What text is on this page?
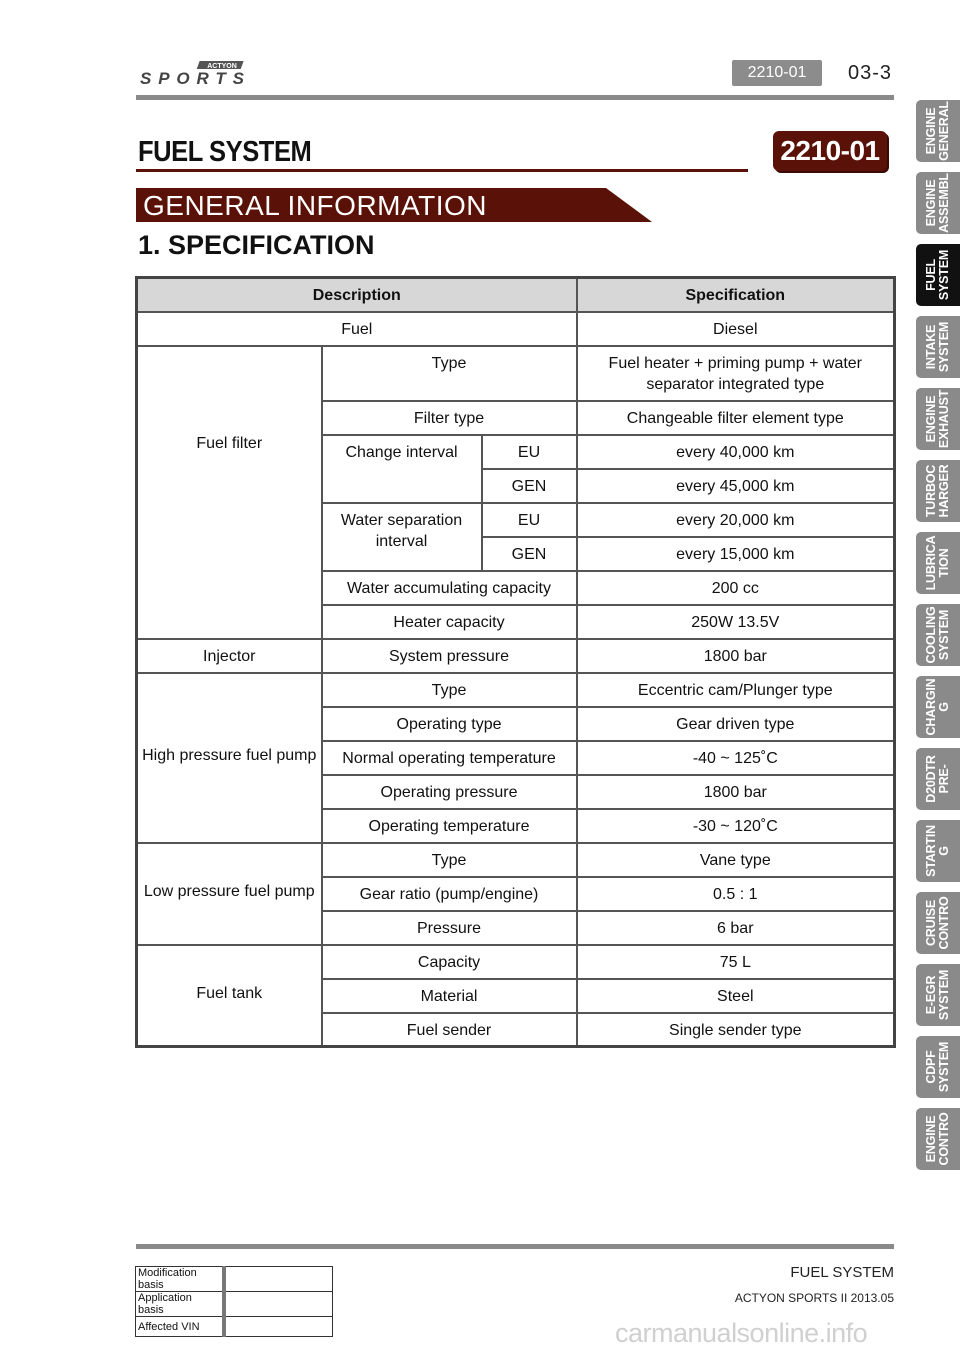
ACTYON
SPORTS	2210-01	03-3
FUEL SYSTEM	2210-01
GENERAL INFORMATION
1. SPECIFICATION
Description			Specification
Fuel			Diesel
Fuel filter	Type		Fuel heater + priming pump + water separator integrated type
	Filter type		Changeable filter element type
	Change interval	EU	every 40,000 km
		GEN	every 45,000 km
	Water separation interval	EU	every 20,000 km
		GEN	every 15,000 km
	Water accumulating capacity		200 cc
	Heater capacity		250W 13.5V
Injector	System pressure		1800 bar
High pressure fuel pump	Type		Eccentric cam/Plunger type
	Operating type		Gear driven type
	Normal operating temperature		-40 ~ 125˚C
	Operating pressure		1800 bar
	Operating temperature		-30 ~ 120˚C
Low pressure fuel pump	Type		Vane type
	Gear ratio (pump/engine)		0.5 : 1
	Pressure		6 bar
Fuel tank	Capacity		75 L
	Material		Steel
	Fuel sender		Single sender type
ENGINE
GENERAL
ENGINE
ASSEMBL
FUEL
SYSTEM
INTAKE
SYSTEM
ENGINE
EXHAUST
TURBOC
HARGER
LUBRICA
TION
COOLING
SYSTEM
CHARGIN
G
D20DTR
PRE-
STARTIN
G
CRUISE
CONTRO
E-EGR
SYSTEM
CDPF
SYSTEM
ENGINE
CONTRO
FUEL SYSTEM
ACTYON SPORTS II 2013.05
Modification basis	
Application basis	
Affected VIN		carmanualsonline.info
